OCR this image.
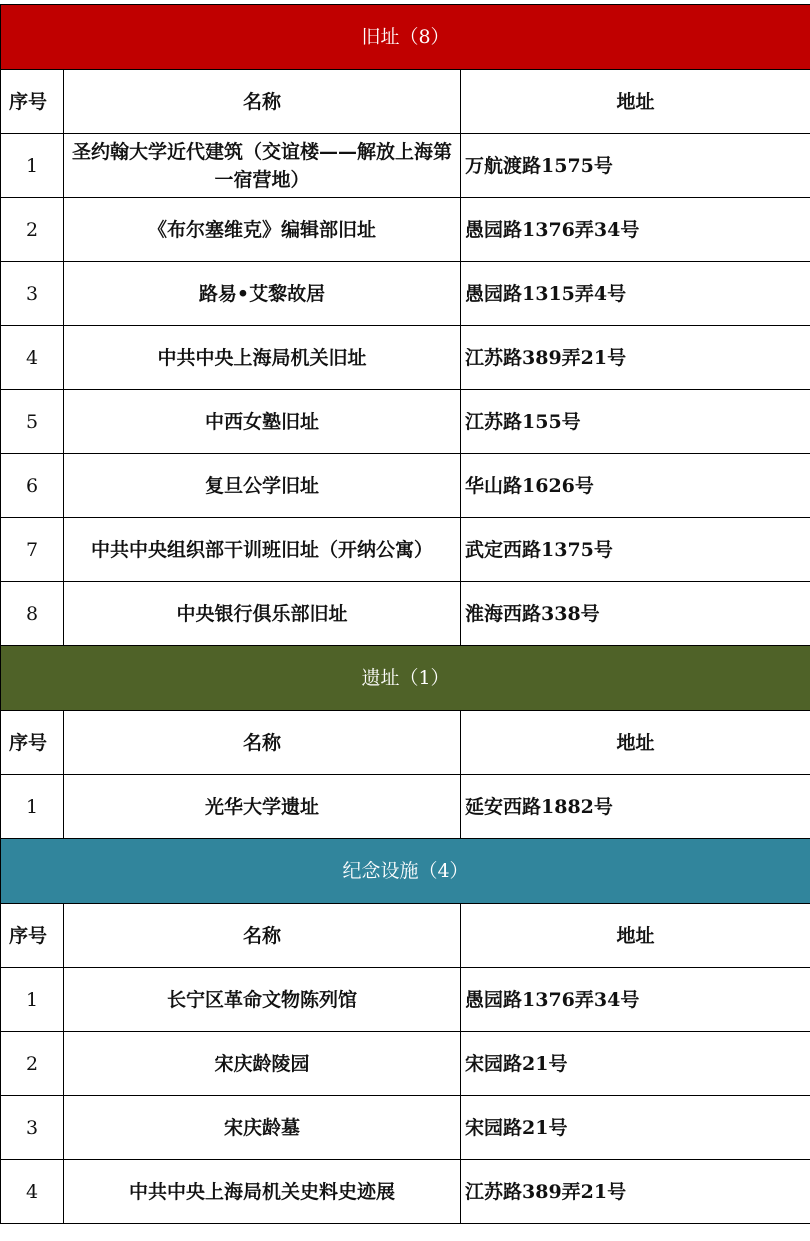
旧址（8）		
序号	名称	地址
1	圣约翰大学近代建筑（交谊楼——解放上海第一宿营地）	万航渡路1575号
2	《布尔塞维克》编辑部旧址	愚园路1376弄34号
3	路易•艾黎故居	愚园路1315弄4号
4	中共中央上海局机关旧址	江苏路389弄21号
5	中西女塾旧址	江苏路155号
6	复旦公学旧址	华山路1626号
7	中共中央组织部干训班旧址（开纳公寓）	武定西路1375号
8	中央银行俱乐部旧址	淮海西路338号
遗址（1）		
序号	名称	地址
1	光华大学遗址	延安西路1882号
纪念设施（4）		
序号	名称	地址
1	长宁区革命文物陈列馆	愚园路1376弄34号
2	宋庆龄陵园	宋园路21号
3	宋庆龄墓	宋园路21号
4	中共中央上海局机关史料史迹展	江苏路389弄21号
